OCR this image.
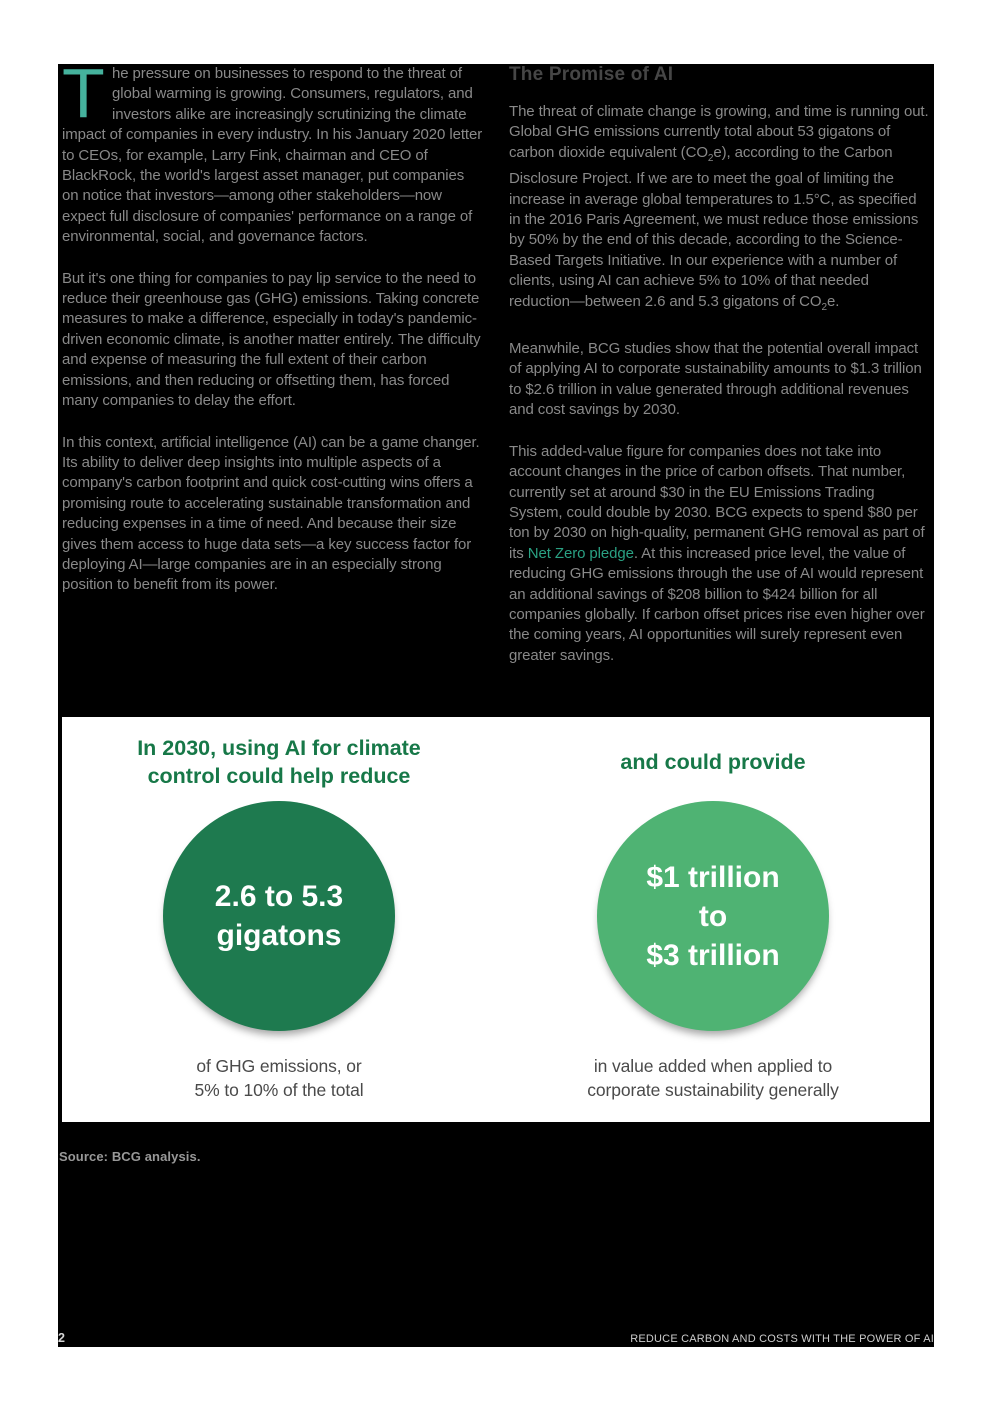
The pressure on businesses to respond to the threat of global warming is growing. Consumers, regulators, and investors alike are increasingly scrutinizing the climate impact of companies in every industry. In his January 2020 letter to CEOs, for example, Larry Fink, chairman and CEO of BlackRock, the world's largest asset manager, put companies on notice that investors—among other stakeholders—now expect full disclosure of companies' performance on a range of environmental, social, and governance factors.

But it's one thing for companies to pay lip service to the need to reduce their greenhouse gas (GHG) emissions. Taking concrete measures to make a difference, especially in today's pandemic-driven economic climate, is another matter entirely. The difficulty and expense of measuring the full extent of their carbon emissions, and then reducing or offsetting them, has forced many companies to delay the effort.

In this context, artificial intelligence (AI) can be a game changer. Its ability to deliver deep insights into multiple aspects of a company's carbon footprint and quick cost-cutting wins offers a promising route to accelerating sustainable transformation and reducing expenses in a time of need. And because their size gives them access to huge data sets—a key success factor for deploying AI—large companies are in an especially strong position to benefit from its power.

The Promise of AI

The threat of climate change is growing, and time is running out. Global GHG emissions currently total about 53 gigatons of carbon dioxide equivalent $(CO_2e)$, according to the Carbon Disclosure Project. If we are to meet the goal of limiting the increase in average global temperatures to 1.5°C, as specified in the 2016 Paris Agreement, we must reduce those emissions by 50% by the end of this decade, according to the Science-Based Targets Initiative. In our experience with a number of clients, using AI can achieve 5% to 10% of that needed reduction—between 2.6 and 5.3 gigatons of $CO_2e$.

Meanwhile, BCG studies show that the potential overall impact of applying AI to corporate sustainability amounts to $1.3 trillion to $2.6 trillion in value generated through additional revenues and cost savings by 2030.

This added-value figure for companies does not take into account changes in the price of carbon offsets. That number, currently set at around $30 in the EU Emissions Trading System, could double by 2030. BCG expects to spend $80 per ton by 2030 on high-quality, permanent GHG removal as part of its Net Zero pledge. At this increased price level, the value of reducing GHG emissions through the use of AI would represent an additional savings of $208 billion to $424 billion for all companies globally. If carbon offset prices rise even higher over the coming years, AI opportunities will surely represent even greater savings.

In 2030, using AI for climate
control could help reduce
2.6 to 5.3
gigatons
of GHG emissions, or
5% to 10% of the total
and could provide
$1 trillion
to
$3 trillion
in value added when applied to
corporate sustainability generally
Source: BCG analysis.
2	REDUCE CARBON AND COSTS WITH THE POWER OF AI
